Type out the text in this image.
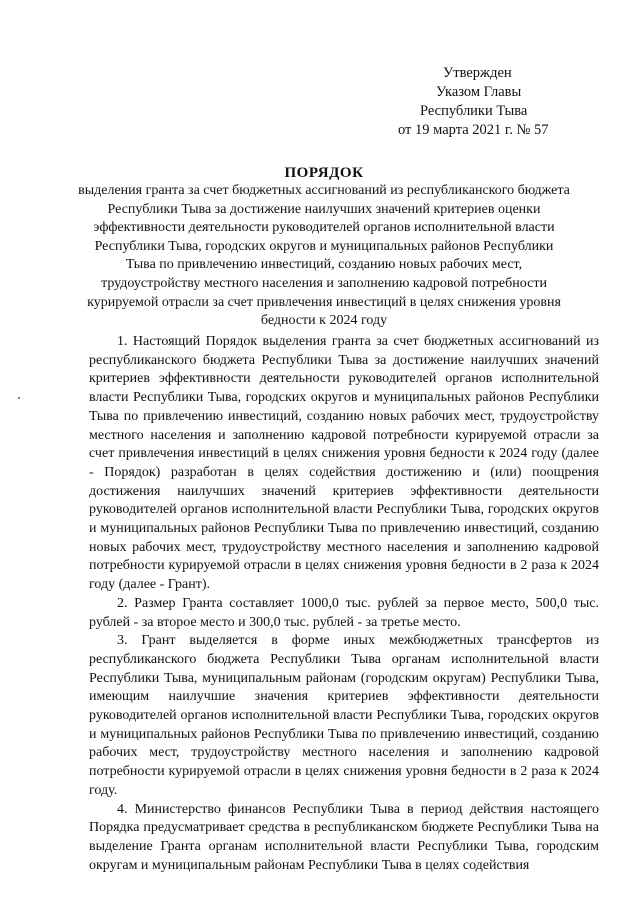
Утвержден
Указом Главы
Республики Тыва
от 19 марта 2021 г. № 57
ПОРЯДОК
выделения гранта за счет бюджетных ассигнований из республиканского бюджета
Республики Тыва за достижение наилучших значений критериев оценки
эффективности деятельности руководителей органов исполнительной власти
Республики Тыва, городских округов и муниципальных районов Республики
Тыва по привлечению инвестиций, созданию новых рабочих мест,
трудоустройству местного населения и заполнению кадровой потребности
курируемой отрасли за счет привлечения инвестиций в целях снижения уровня
бедности к 2024 году

1. Настоящий Порядок выделения гранта за счет бюджетных ассигнований из республиканского бюджета Республики Тыва за достижение наилучших значений критериев эффективности деятельности руководителей органов исполнительной власти Республики Тыва, городских округов и муниципальных районов Республики Тыва по привлечению инвестиций, созданию новых рабочих мест, трудоустройству местного населения и заполнению кадровой потребности курируемой отрасли за счет привлечения инвестиций в целях снижения уровня бедности к 2024 году (далее - Порядок) разработан в целях содействия достижению и (или) поощрения достижения наилучших значений критериев эффективности деятельности руководителей органов исполнительной власти Республики Тыва, городских округов и муниципальных районов Республики Тыва по привлечению инвестиций, созданию новых рабочих мест, трудоустройству местного населения и заполнению кадровой потребности курируемой отрасли в целях снижения уровня бедности в 2 раза к 2024 году (далее - Грант).

2. Размер Гранта составляет 1000,0 тыс. рублей за первое место, 500,0 тыс. рублей - за второе место и 300,0 тыс. рублей - за третье место.

3. Грант выделяется в форме иных межбюджетных трансфертов из республиканского бюджета Республики Тыва органам исполнительной власти Республики Тыва, муниципальным районам (городским округам) Республики Тыва, имеющим наилучшие значения критериев эффективности деятельности руководителей органов исполнительной власти Республики Тыва, городских округов и муниципальных районов Республики Тыва по привлечению инвестиций, созданию рабочих мест, трудоустройству местного населения и заполнению кадровой потребности курируемой отрасли в целях снижения уровня бедности в 2 раза к 2024 году.

4. Министерство финансов Республики Тыва в период действия настоящего Порядка предусматривает средства в республиканском бюджете Республики Тыва на выделение Гранта органам исполнительной власти Республики Тыва, городским округам и муниципальным районам Республики Тыва в целях содействия
